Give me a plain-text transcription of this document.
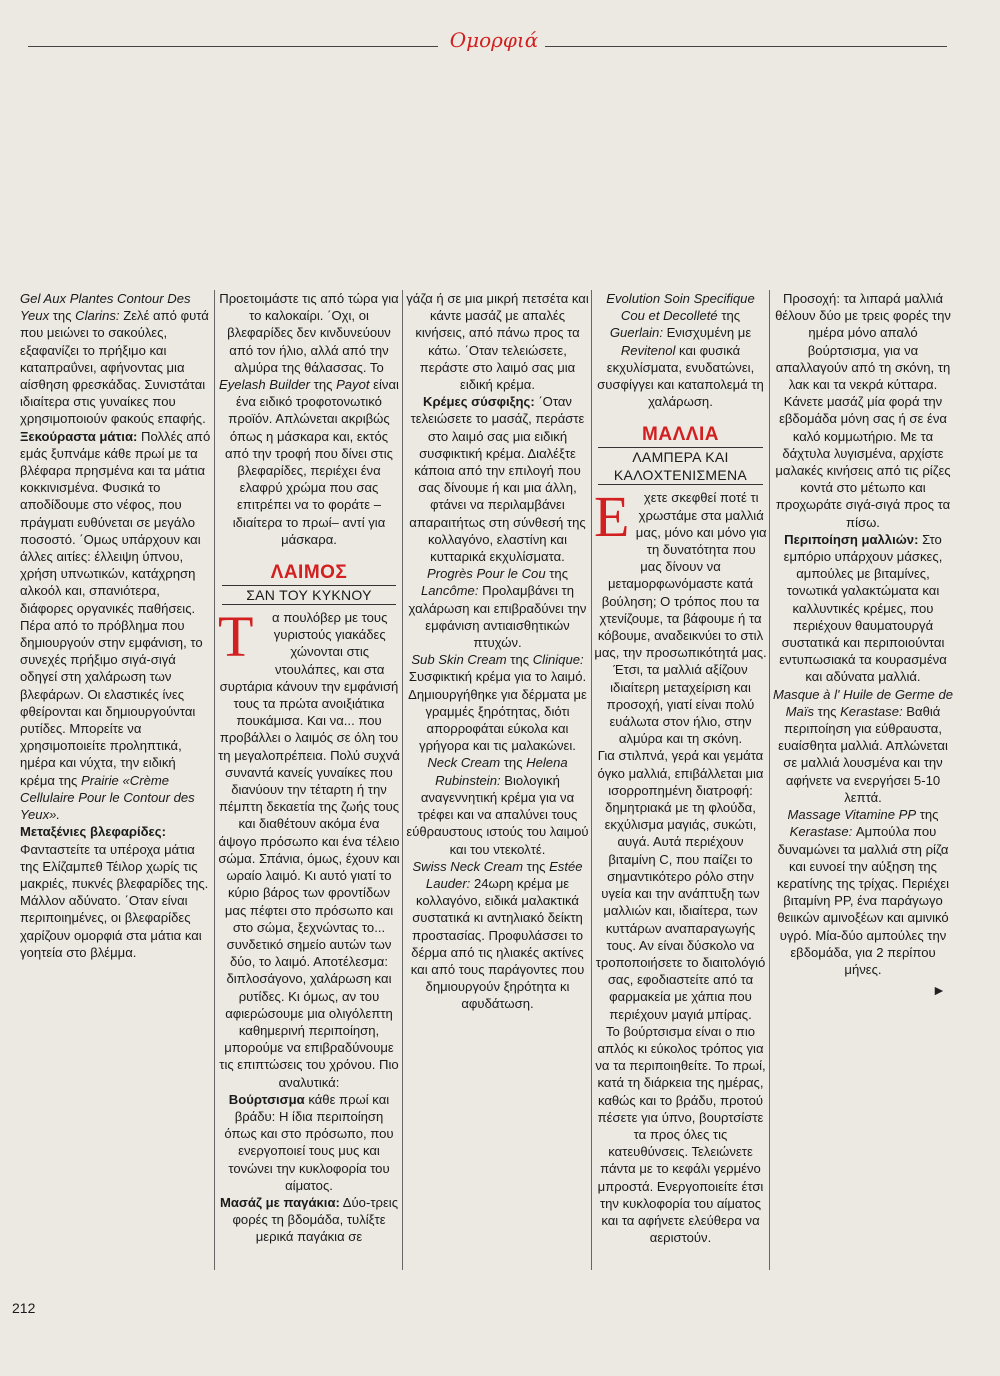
Ομορφιά

Gel Aux Plantes Contour Des Yeux της Clarins: Ζελέ από φυτά που μειώνει το σακούλες, εξαφανίζει το πρήξιμο και καταπραΰνει, αφήνοντας μια αίσθηση φρεσκάδας. Συνιστάται ιδιαίτερα στις γυναίκες που χρησιμοποιούν φακούς επαφής.

Ξεκούραστα μάτια: Πολλές από εμάς ξυπνάμε κάθε πρωί με τα βλέφαρα πρησμένα και τα μάτια κοκκινισμένα. Φυσικά το αποδίδουμε στο νέφος, που πράγματι ευθύνεται σε μεγάλο ποσοστό. ΄Ομως υπάρχουν και άλλες αιτίες: έλλειψη ύπνου, χρήση υπνωτικών, κατάχρηση αλκοόλ και, σπανιότερα, διάφορες οργανικές παθήσεις. Πέρα από το πρόβλημα που δημιουργούν στην εμφάνιση, το συνεχές πρήξιμο σιγά-σιγά οδηγεί στη χαλάρωση των βλεφάρων. Οι ελαστικές ίνες φθείρονται και δημιουργούνται ρυτίδες. Μπορείτε να χρησιμοποιείτε προληπτικά, ημέρα και νύχτα, την ειδική κρέμα της Prairie «Crème Cellulaire Pour le Contour des Yeux».

Μεταξένιες βλεφαρίδες: Φανταστείτε τα υπέροχα μάτια της Ελίζαμπεθ Τέιλορ χωρίς τις μακριές, πυκνές βλεφαρίδες της. Μάλλον αδύνατο. ΄Οταν είναι περιποιημένες, οι βλεφαρίδες χαρίζουν ομορφιά στα μάτια και γοητεία στο βλέμμα.

Προετοιμάστε τις από τώρα για το καλοκαίρι. ΄Οχι, οι βλεφαρίδες δεν κινδυνεύουν από τον ήλιο, αλλά από την αλμύρα της θάλασσας. Το Eyelash Builder της Payot είναι ένα ειδικό τροφοτονωτικό προϊόν. Απλώνεται ακριβώς όπως η μάσκαρα και, εκτός από την τροφή που δίνει στις βλεφαρίδες, περιέχει ένα ελαφρύ χρώμα που σας επιτρέπει να το φοράτε –ιδιαίτερα το πρωί– αντί για μάσκαρα.

ΛΑΙΜΟΣ
ΣΑΝ ΤΟΥ ΚΥΚΝΟΥ

Τ α πουλόβερ με τους γυριστούς γιακάδες χώνονται στις ντουλάπες, και στα συρτάρια κάνουν την εμφάνισή τους τα πρώτα ανοιξιάτικα πουκάμισα. Και να... που προβάλλει ο λαιμός σε όλη του τη μεγαλοπρέπεια. Πολύ συχνά συναντά κανείς γυναίκες που διανύουν την τέταρτη ή την πέμπτη δεκαετία της ζωής τους και διαθέτουν ακόμα ένα άψογο πρόσωπο και ένα τέλειο σώμα. Σπάνια, όμως, έχουν και ωραίο λαιμό. Κι αυτό γιατί το κύριο βάρος των φροντίδων μας πέφτει στο πρόσωπο και στο σώμα, ξεχνώντας το... συνδετικό σημείο αυτών των δύο, το λαιμό. Αποτέλεσμα: διπλοσάγονο, χαλάρωση και ρυτίδες. Κι όμως, αν του αφιερώσουμε μια ολιγόλεπτη καθημερινή περιποίηση, μπορούμε να επιβραδύνουμε τις επιπτώσεις του χρόνου. Πιο αναλυτικά:

Βούρτσισμα κάθε πρωί και βράδυ: Η ίδια περιποίηση όπως και στο πρόσωπο, που ενεργοποιεί τους μυς και τονώνει την κυκλοφορία του αίματος.

Μασάζ με παγάκια: Δύο-τρεις φορές τη βδομάδα, τυλίξτε μερικά παγάκια σε

γάζα ή σε μια μικρή πετσέτα και κάντε μασάζ με απαλές κινήσεις, από πάνω προς τα κάτω. ΄Οταν τελειώσετε, περάστε στο λαιμό σας μια ειδική κρέμα.

Κρέμες σύσφιξης: ΄Οταν τελειώσετε το μασάζ, περάστε στο λαιμό σας μια ειδική συσφικτική κρέμα. Διαλέξτε κάποια από την επιλογή που σας δίνουμε ή και μια άλλη, φτάνει να περιλαμβάνει απαραιτήτως στη σύνθεσή της κολλαγόνο, ελαστίνη και κυτταρικά εκχυλίσματα.

Progrès Pour le Cou της Lancôme: Προλαμβάνει τη χαλάρωση και επιβραδύνει την εμφάνιση αντιαισθητικών πτυχών.

Sub Skin Cream της Clinique: Συσφικτική κρέμα για το λαιμό. Δημιουργήθηκε για δέρματα με γραμμές ξηρότητας, διότι απορροφάται εύκολα και γρήγορα και τις μαλακώνει.

Neck Cream της Helena Rubinstein: Βιολογική αναγεννητική κρέμα για να τρέφει και να απαλύνει τους εύθραυστους ιστούς του λαιμού και του ντεκολτέ.

Swiss Neck Cream της Estée Lauder: 24ωρη κρέμα με κολλαγόνο, ειδικά μαλακτικά συστατικά κι αντηλιακό δείκτη προστασίας. Προφυλάσσει το δέρμα από τις ηλιακές ακτίνες και από τους παράγοντες που δημιουργούν ξηρότητα κι αφυδάτωση.

Evolution Soin Specifique Cou et Decolleté της Guerlain: Ενισχυμένη με Revitenol και φυσικά εκχυλίσματα, ενυδατώνει, συσφίγγει και καταπολεμά τη χαλάρωση.

ΜΑΛΛΙΑ
ΛΑΜΠΕΡΑ ΚΑΙ ΚΑΛΟΧΤΕΝΙΣΜΕΝΑ

Ε χετε σκεφθεί ποτέ τι χρωστάμε στα μαλλιά μας, μόνο και μόνο για τη δυνατότητα που μας δίνουν να μεταμορφωνόμαστε κατά βούληση; Ο τρόπος που τα χτενίζουμε, τα βάφουμε ή τα κόβουμε, αναδεικνύει το στιλ μας, την προσωπικότητά μας. Έτσι, τα μαλλιά αξίζουν ιδιαίτερη μεταχείριση και προσοχή, γιατί είναι πολύ ευάλωτα στον ήλιο, στην αλμύρα και τη σκόνη.

Για στιλπνά, γερά και γεμάτα όγκο μαλλιά, επιβάλλεται μια ισορροπημένη διατροφή: δημητριακά με τη φλούδα, εκχύλισμα μαγιάς, συκώτι, αυγά. Αυτά περιέχουν βιταμίνη C, που παίζει το σημαντικότερο ρόλο στην υγεία και την ανάπτυξη των μαλλιών και, ιδιαίτερα, των κυττάρων αναπαραγωγής τους. Αν είναι δύσκολο να τροποποιήσετε το διαιτολόγιό σας, εφοδιαστείτε από τα φαρμακεία με χάπια που περιέχουν μαγιά μπίρας.

Το βούρτσισμα είναι ο πιο απλός κι εύκολος τρόπος για να τα περιποιηθείτε. Το πρωί, κατά τη διάρκεια της ημέρας, καθώς και το βράδυ, προτού πέσετε για ύπνο, βουρτσίστε τα προς όλες τις κατευθύνσεις. Τελειώνετε πάντα με το κεφάλι γερμένο μπροστά. Ενεργοποιείτε έτσι την κυκλοφορία του αίματος και τα αφήνετε ελεύθερα να αεριστούν.

Προσοχή: τα λιπαρά μαλλιά θέλουν δύο με τρεις φορές την ημέρα μόνο απαλό βούρτσισμα, για να απαλλαγούν από τη σκόνη, τη λακ και τα νεκρά κύτταρα. Κάνετε μασάζ μία φορά την εβδομάδα μόνη σας ή σε ένα καλό κομμωτήριο. Με τα δάχτυλα λυγισμένα, αρχίστε μαλακές κινήσεις από τις ρίζες κοντά στο μέτωπο και προχωράτε σιγά-σιγά προς τα πίσω.

Περιποίηση μαλλιών: Στο εμπόριο υπάρχουν μάσκες, αμπούλες με βιταμίνες, τονωτικά γαλακτώματα και καλλυντικές κρέμες, που περιέχουν θαυματουργά συστατικά και περιποιούνται εντυπωσιακά τα κουρασμένα και αδύνατα μαλλιά.

Masque à l' Huile de Germe de Maïs της Kerastase: Βαθιά περιποίηση για εύθραυστα, ευαίσθητα μαλλιά. Απλώνεται σε μαλλιά λουσμένα και την αφήνετε να ενεργήσει 5-10 λεπτά.

Massage Vitamine PP της Kerastase: Αμπούλα που δυναμώνει τα μαλλιά στη ρίζα και ευνοεί την αύξηση της κερατίνης της τρίχας. Περιέχει βιταμίνη PP, ένα παράγωγο θειικών αμινοξέων και αμινικό υγρό. Μία-δύο αμπούλες την εβδομάδα, για 2 περίπου μήνες.

►
212
